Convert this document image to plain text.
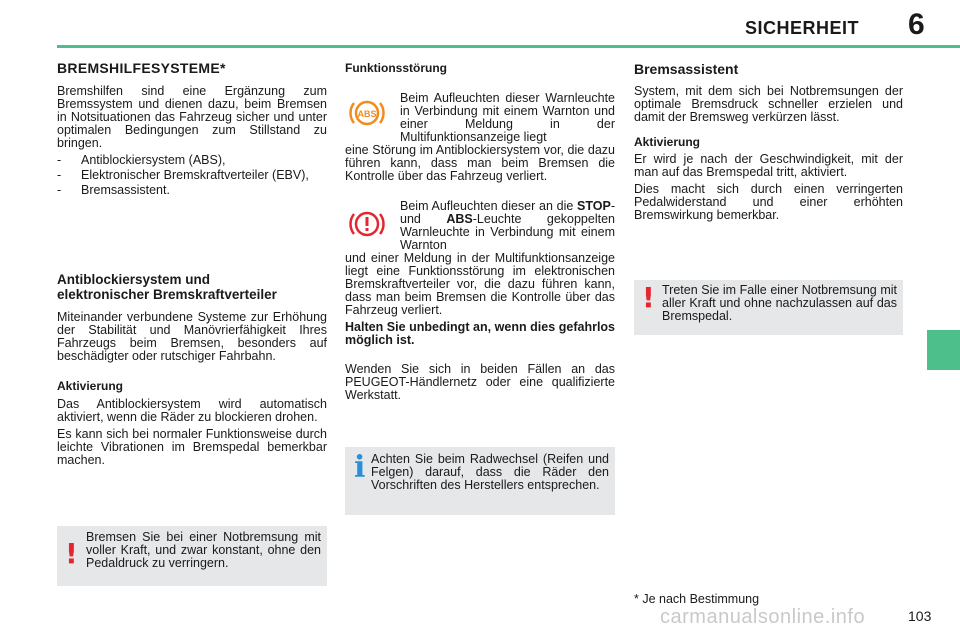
SICHERHEIT 6
BREMSHILFESYSTEME*

Bremshilfen sind eine Ergänzung zum Bremssystem und dienen dazu, beim Bremsen in Notsituationen das Fahrzeug sicher und unter optimalen Bedingungen zum Stillstand zu bringen.

-	Antiblockiersystem (ABS),
-	Elektronischer Bremskraftverteiler (EBV),
-	Bremsassistent.
Antiblockiersystem und
elektronischer Bremskraftverteiler

Miteinander verbundene Systeme zur Erhöhung der Stabilität und Manövrierfähigkeit Ihres Fahrzeugs beim Bremsen, besonders auf beschädigter oder rutschiger Fahrbahn.

Aktivierung

Das Antiblockiersystem wird automatisch aktiviert, wenn die Räder zu blockieren drohen.

Es kann sich bei normaler Funktionsweise durch leichte Vibrationen im Bremspedal bemerkbar machen.

! Bremsen Sie bei einer Notbremsung mit voller Kraft, und zwar konstant, ohne den Pedaldruck zu verringern.

Funktionsstörung
ABS

Beim Aufleuchten dieser Warnleuchte in Verbindung mit einem Warnton und einer Meldung in der Multifunktionsanzeige liegt

eine Störung im Antiblockiersystem vor, die dazu führen kann, dass man beim Bremsen die Kontrolle über das Fahrzeug verliert.

Beim Aufleuchten dieser an die STOP- und ABS-Leuchte gekoppelten Warnleuchte in Verbindung mit einem Warnton

und einer Meldung in der Multifunktionsanzeige liegt eine Funktionsstörung im elektronischen Bremskraftverteiler vor, die dazu führen kann, dass man beim Bremsen die Kontrolle über das Fahrzeug verliert.

Halten Sie unbedingt an, wenn dies gefahrlos möglich ist.

Wenden Sie sich in beiden Fällen an das PEUGEOT-Händlernetz oder eine qualifizierte Werkstatt.

i Achten Sie beim Radwechsel (Reifen und Felgen) darauf, dass die Räder den Vorschriften des Herstellers entsprechen.

Bremsassistent

System, mit dem sich bei Notbremsungen der optimale Bremsdruck schneller erzielen und damit der Bremsweg verkürzen lässt.

Aktivierung

Er wird je nach der Geschwindigkeit, mit der man auf das Bremspedal tritt, aktiviert.

Dies macht sich durch einen verringerten Pedalwiderstand und einer erhöhten Bremswirkung bemerkbar.

! Treten Sie im Falle einer Notbremsung mit aller Kraft und ohne nachzulassen auf das Bremspedal.

* Je nach Bestimmung
carmanualsonline.info	103
